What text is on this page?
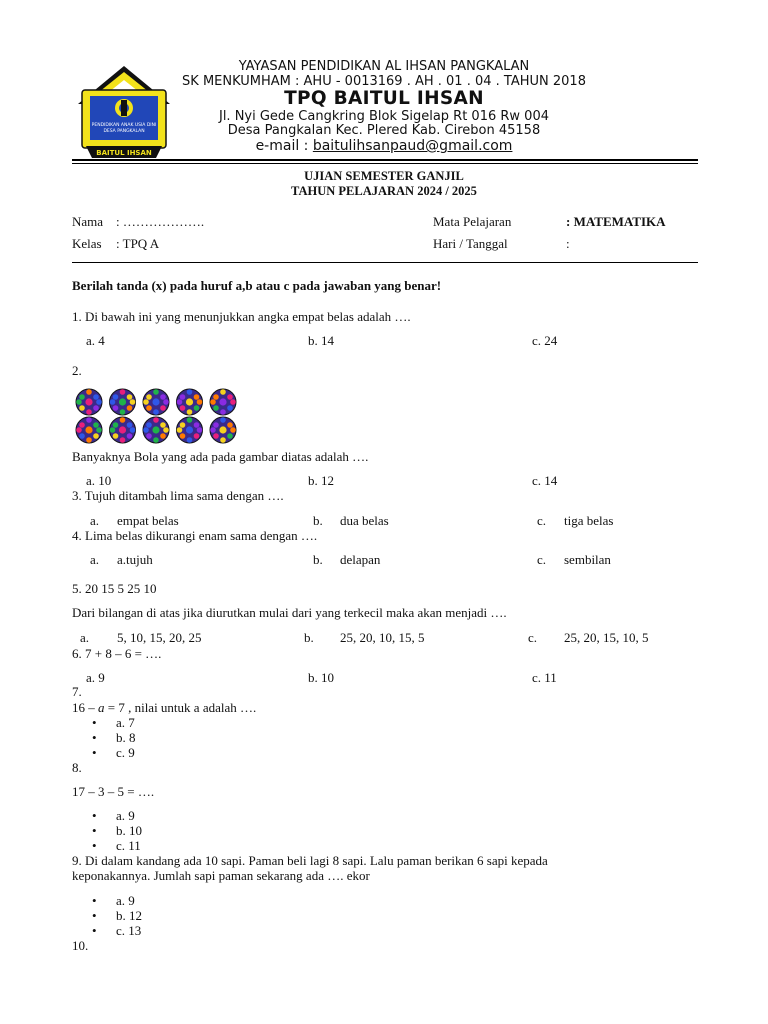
PENDIDIKAN ANAK USIA DINI
DESA PANGKALAN
BAITUL IHSAN
YAYASAN PENDIDIKAN AL IHSAN PANGKALAN
SK MENKUMHAM : AHU - 0013169 . AH . 01 . 04 . TAHUN 2018
TPQ BAITUL IHSAN
Jl. Nyi Gede Cangkring Blok Sigelap Rt 016 Rw 004
Desa Pangkalan Kec. Plered Kab. Cirebon 45158
e-mail : baitulihsanpaud@gmail.com
UJIAN SEMESTER GANJIL
TAHUN PELAJARAN 2024 / 2025
Nama : ……………….	Mata Pelajaran	: MATEMATIKA
Kelas : TPQ A	Hari / Tanggal	:
Berilah tanda (x) pada huruf a,b atau c pada jawaban yang benar!
1. Di bawah ini yang menunjukkan angka empat belas adalah ….
a. 4	b. 14	c. 24
2.
Banyaknya Bola yang ada pada gambar diatas adalah ….
a. 10	b. 12	c. 14
3. Tujuh ditambah lima sama dengan ….
a. empat belas	b. dua belas	c. tiga belas
4. Lima belas dikurangi enam sama dengan ….
a. a.tujuh	b. delapan	c. sembilan
5. 20 15 5 25 10
Dari bilangan di atas jika diurutkan mulai dari yang terkecil maka akan menjadi ….
a. 5, 10, 15, 20, 25	b. 25, 20, 10, 15, 5	c. 25, 20, 15, 10, 5
6. 7 + 8 – 6 = ….
a. 9	b. 10	c. 11
7.
16 – a = 7 , nilai untuk a adalah ….
• a. 7
• b. 8
• c. 9
8.
17 – 3 – 5 = ….
• a. 9
• b. 10
• c. 11
9. Di dalam kandang ada 10 sapi. Paman beli lagi 8 sapi. Lalu paman berikan 6 sapi kepada
keponakannya. Jumlah sapi paman sekarang ada …. ekor
• a. 9
• b. 12
• c. 13
10.
